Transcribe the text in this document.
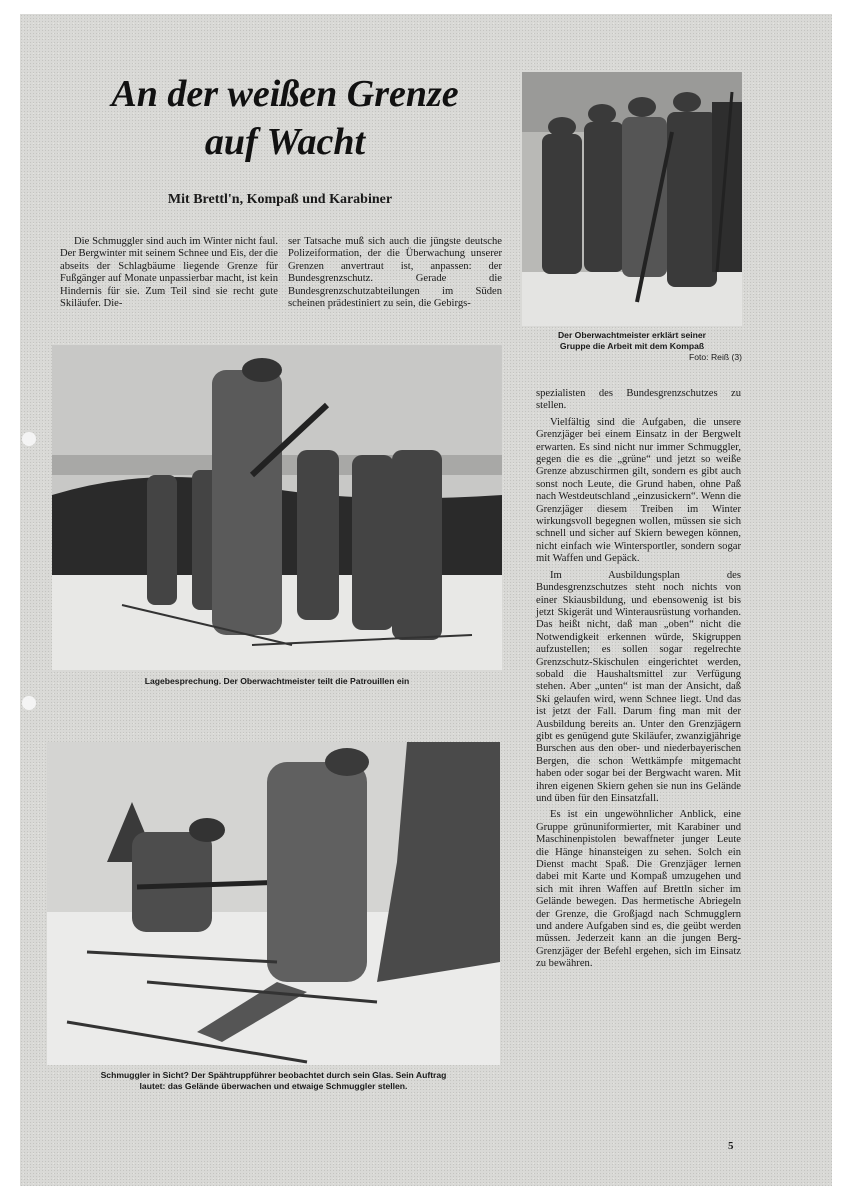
An der weißen Grenze
auf Wacht
Mit Brettl'n, Kompaß und Karabiner

Die Schmuggler sind auch im Winter nicht faul. Der Bergwinter mit seinem Schnee und Eis, der die abseits der Schlagbäume liegende Grenze für Fußgänger auf Monate unpassierbar macht, ist kein Hindernis für sie. Zum Teil sind sie recht gute Skiläufer. Die-

ser Tatsache muß sich auch die jüngste deutsche Polizeiformation, der die Überwachung unserer Grenzen anvertraut ist, anpassen: der Bundesgrenzschutz. Gerade die Bundesgrenzschutzabteilungen im Süden scheinen prädestiniert zu sein, die Gebirgs-

Der Oberwachtmeister erklärt seiner
Gruppe die Arbeit mit dem Kompaß
Foto: Reiß (3)

spezialisten des Bundesgrenzschutzes zu stellen.

Vielfältig sind die Aufgaben, die unsere Grenzjäger bei einem Einsatz in der Bergwelt erwarten. Es sind nicht nur immer Schmuggler, gegen die es die „grüne“ und jetzt so weiße Grenze abzuschirmen gilt, sondern es gibt auch sonst noch Leute, die Grund haben, ohne Paß nach Westdeutschland „einzusickern“. Wenn die Grenzjäger diesem Treiben im Winter wirkungsvoll begegnen wollen, müssen sie sich schnell und sicher auf Skiern bewegen können, nicht einfach wie Wintersportler, sondern sogar mit Waffen und Gepäck.

Im Ausbildungsplan des Bundesgrenzschutzes steht noch nichts von einer Skiausbildung, und ebensowenig ist bis jetzt Skigerät und Winterausrüstung vorhanden. Das heißt nicht, daß man „oben“ nicht die Notwendigkeit erkennen würde, Skigruppen aufzustellen; es sollen sogar regelrechte Grenzschutz-Skischulen eingerichtet werden, sobald die Haushaltsmittel zur Verfügung stehen. Aber „unten“ ist man der Ansicht, daß Ski gelaufen wird, wenn Schnee liegt. Und das ist jetzt der Fall. Darum fing man mit der Ausbildung bereits an. Unter den Grenzjägern gibt es genügend gute Skiläufer, zwanzigjährige Burschen aus den ober- und niederbayerischen Bergen, die schon Wettkämpfe mitgemacht haben oder sogar bei der Bergwacht waren. Mit ihren eigenen Skiern gehen sie nun ins Gelände und üben für den Einsatzfall.

Es ist ein ungewöhnlicher Anblick, eine Gruppe grünuniformierter, mit Karabiner und Maschinenpistolen bewaffneter junger Leute die Hänge hinansteigen zu sehen. Solch ein Dienst macht Spaß. Die Grenzjäger lernen dabei mit Karte und Kompaß umzugehen und sich mit ihren Waffen auf Brettln sicher im Gelände bewegen. Das hermetische Abriegeln der Grenze, die Großjagd nach Schmugglern und andere Aufgaben sind es, die geübt werden müssen. Jederzeit kann an die jungen Berg-Grenzjäger der Befehl ergehen, sich im Einsatz zu bewähren.

Lagebesprechung. Der Oberwachtmeister teilt die Patrouillen ein
Schmuggler in Sicht? Der Spähtruppführer beobachtet durch sein Glas. Sein Auftrag
lautet: das Gelände überwachen und etwaige Schmuggler stellen.
5
